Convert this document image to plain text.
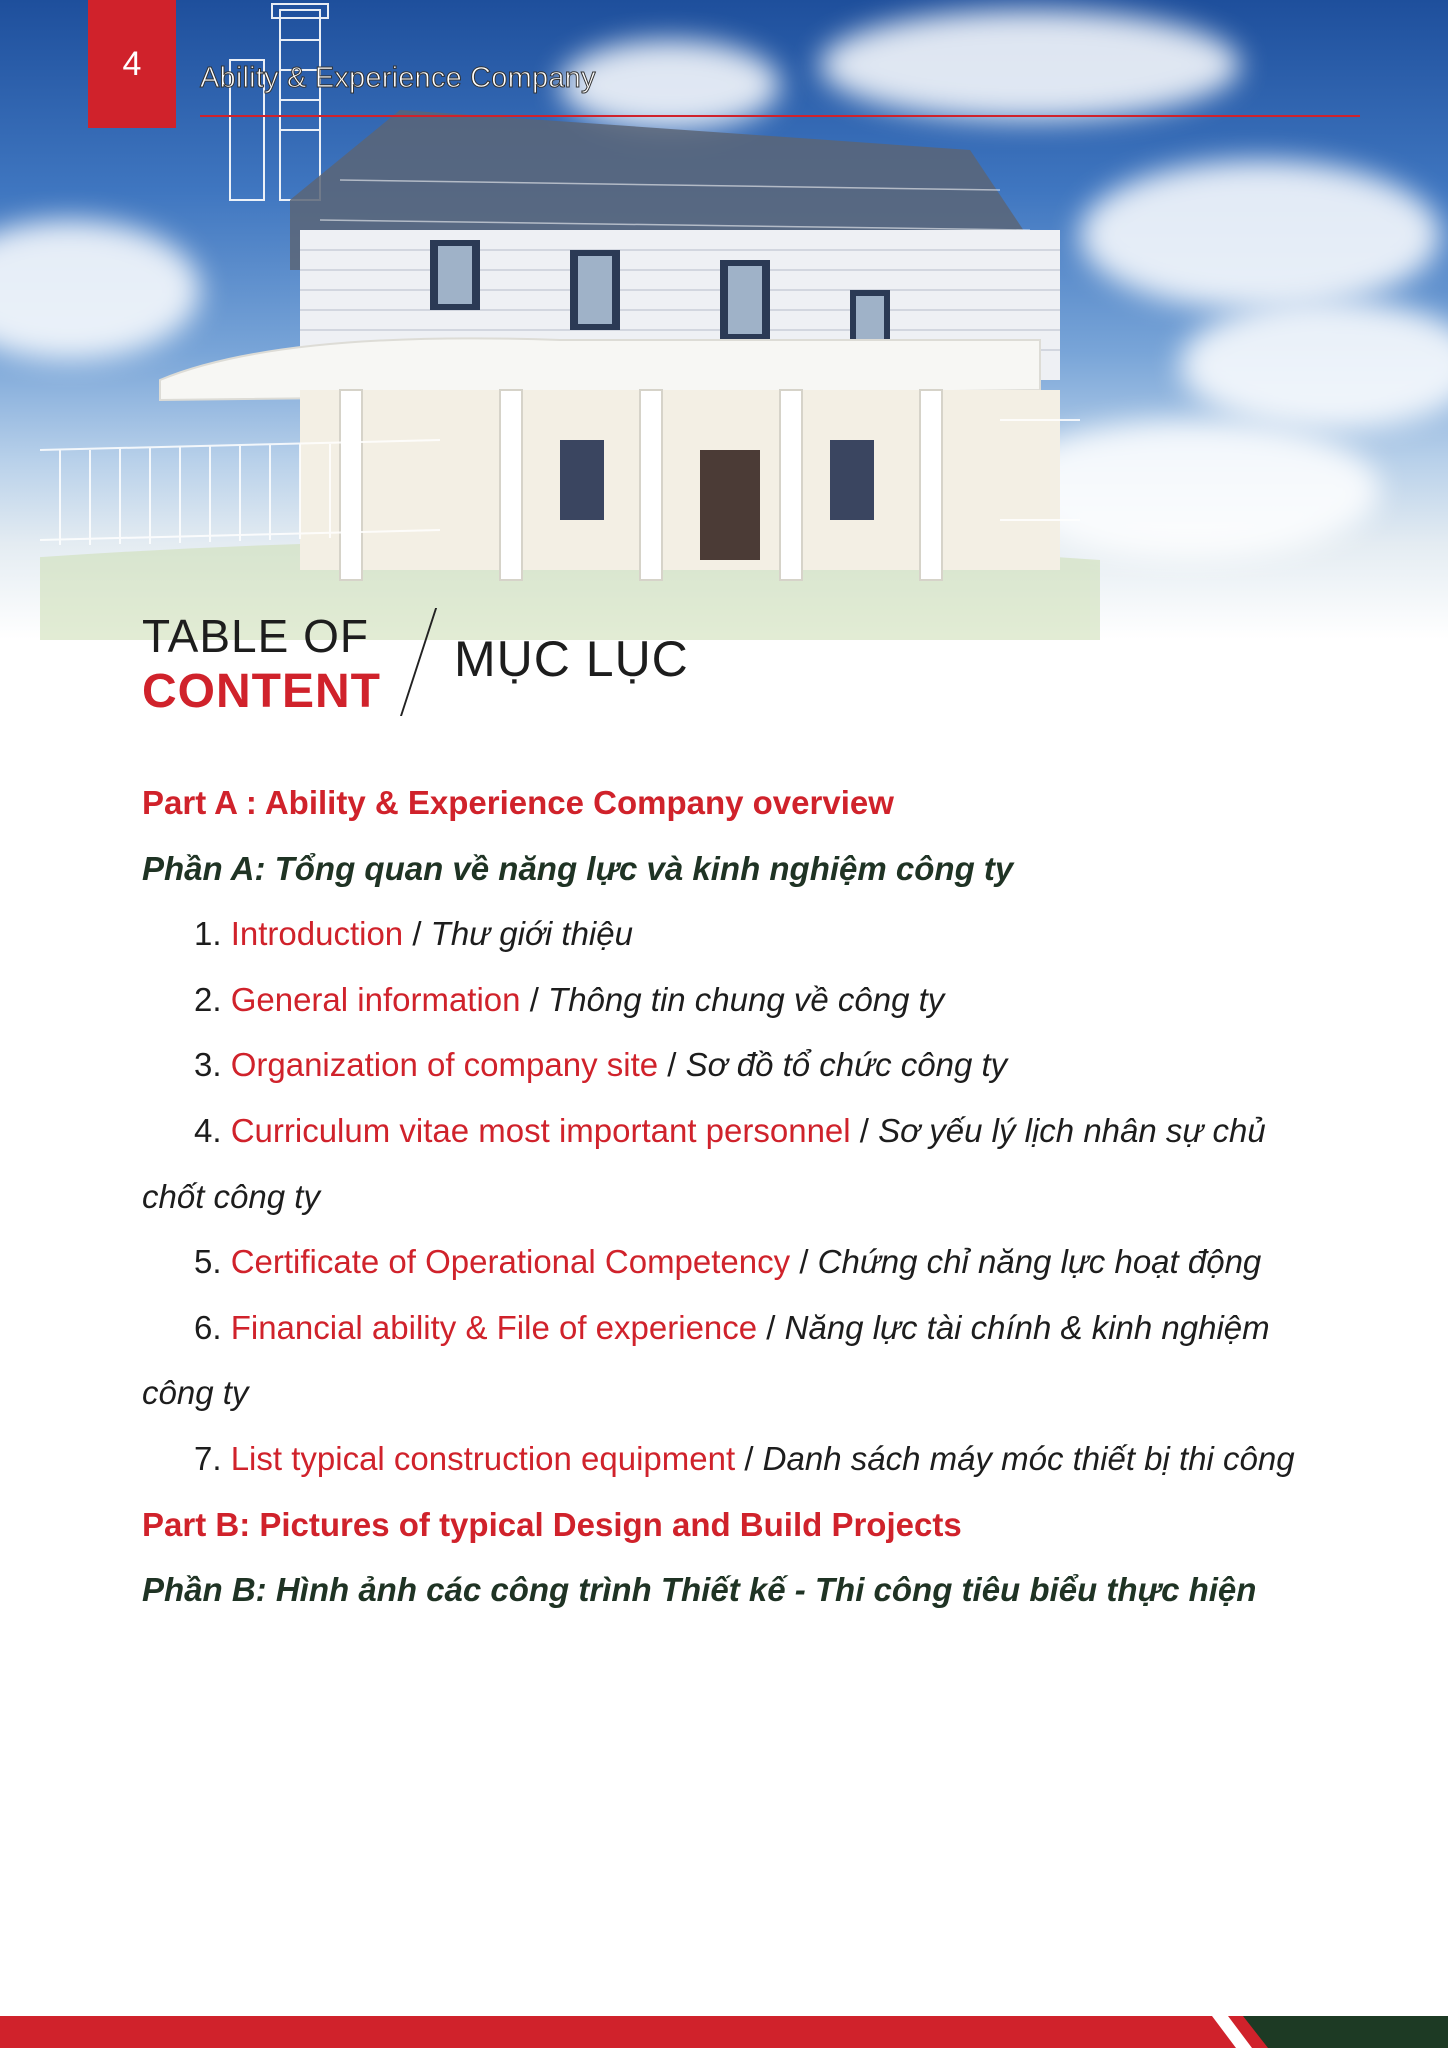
4 Ability & Experience Company
TABLE OF
CONTENT
MỤC LỤC

Part A : Ability & Experience Company overview

Phần A: Tổng quan về năng lực và kinh nghiệm công ty

1. Introduction / Thư giới thiệu

2. General information / Thông tin chung về công ty

3. Organization of company site / Sơ đồ tổ chức công ty

4. Curriculum vitae most important personnel / Sơ yếu lý lịch nhân sự chủ chốt công ty

5. Certificate of Operational Competency / Chứng chỉ năng lực hoạt động

6. Financial ability & File of experience / Năng lực tài chính & kinh nghiệm công ty

7. List typical construction equipment / Danh sách máy móc thiết bị thi công

Part B: Pictures of typical Design and Build Projects

Phần B: Hình ảnh các công trình Thiết kế - Thi công tiêu biểu thực hiện
